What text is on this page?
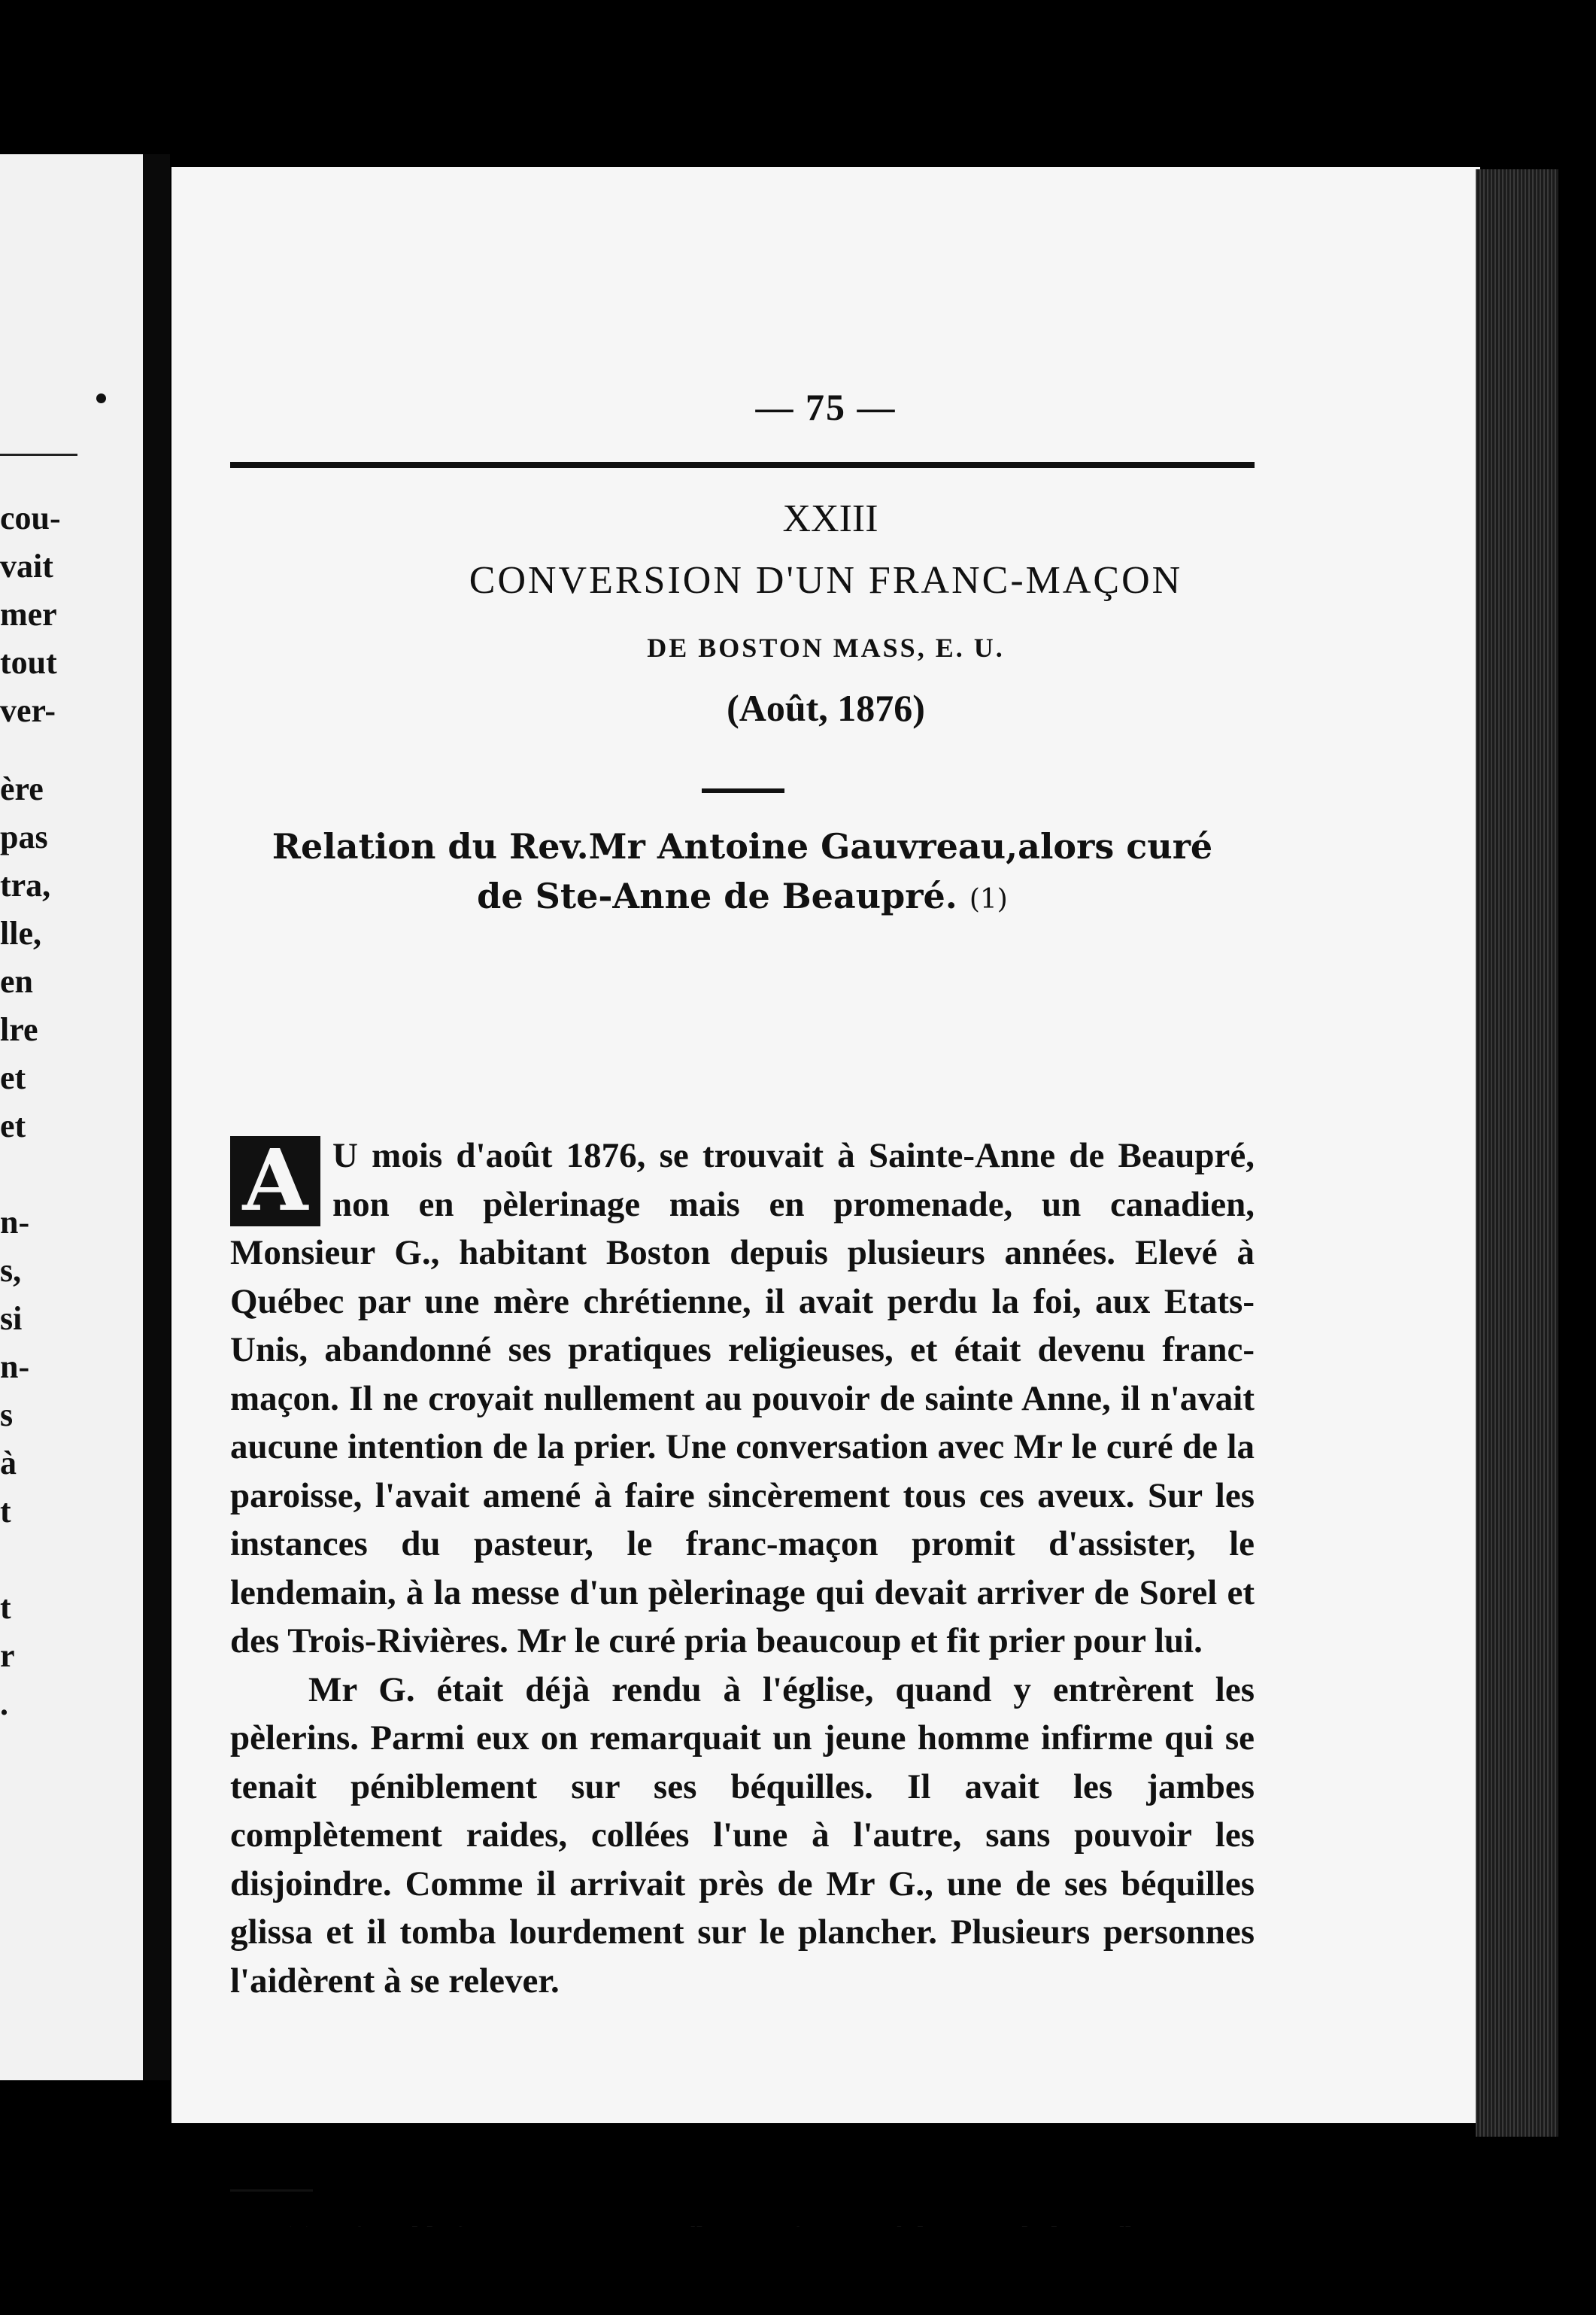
cou-
vait
mer
tout
ver-
ère
pas
tra,
lle,
en
lre
et
et
n-
s,
si
n-
s
à
t
t
r
.
— 75 —
XXIII
CONVERSION D'UN FRANC-MAÇON
DE BOSTON MASS, E. U.
(Août, 1876)
Relation du Rev.Mr Antoine Gauvreau,alors curé
de Ste-Anne de Beaupré. (1)

A U mois d'août 1876, se trouvait à Sainte-Anne de Beaupré, non en pèlerinage mais en promenade, un canadien, Monsieur G., habitant Boston depuis plusieurs années. Elevé à Québec par une mère chrétienne, il avait perdu la foi, aux Etats-Unis, abandonné ses pratiques religieuses, et était devenu franc-maçon. Il ne croyait nullement au pouvoir de sainte Anne, il n'avait aucune intention de la prier. Une conversation avec Mr le curé de la paroisse, l'avait amené à faire sincèrement tous ces aveux. Sur les instances du pasteur, le franc-maçon promit d'assister, le lendemain, à la messe d'un pèlerinage qui devait arriver de Sorel et des Trois-Rivières. Mr le curé pria beaucoup et fit prier pour lui.

Mr G. était déjà rendu à l'église, quand y entrèrent les pèlerins. Parmi eux on remarquait un jeune homme infirme qui se tenait péniblement sur ses béquilles. Il avait les jambes complètement raides, collées l'une à l'autre, sans pouvoir les disjoindre. Comme il arrivait près de Mr G., une de ses béquilles glissa et il tomba lourdement sur le plancher. Plusieurs personnes l'aidèrent à se relever.
